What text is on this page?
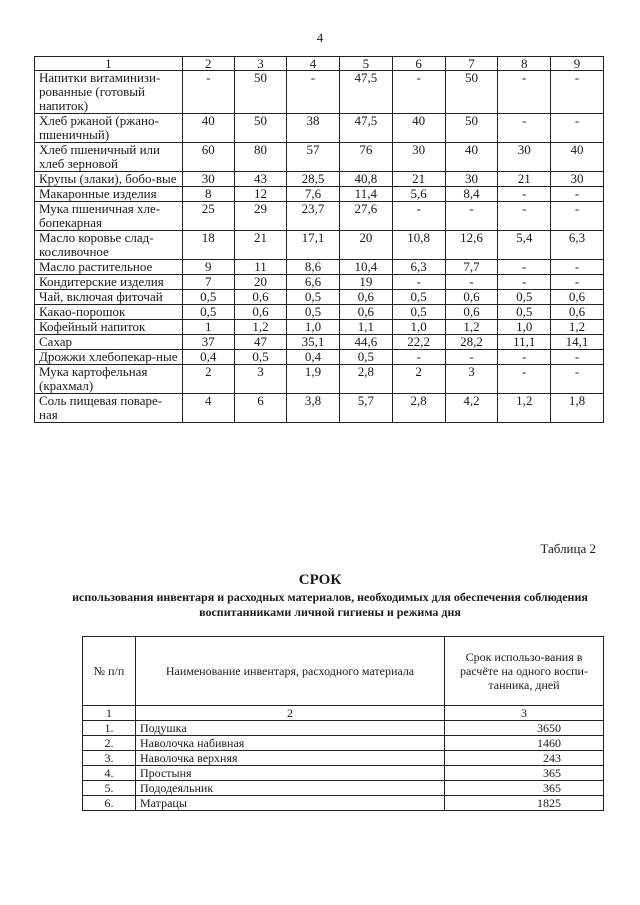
4
1	2	3	4	5	6	7	8	9
Напитки витаминизи-рованные (готовый напиток)	-	50	-	47,5	-	50	-	-
Хлеб ржаной (ржано-пшеничный)	40	50	38	47,5	40	50	-	-
Хлеб пшеничный или хлеб зерновой	60	80	57	76	30	40	30	40
Крупы (злаки), бобо-вые	30	43	28,5	40,8	21	30	21	30
Макаронные изделия	8	12	7,6	11,4	5,6	8,4	-	-
Мука пшеничная хле-бопекарная	25	29	23,7	27,6	-	-	-	-
Масло коровье слад-косливочное	18	21	17,1	20	10,8	12,6	5,4	6,3
Масло растительное	9	11	8,6	10,4	6,3	7,7	-	-
Кондитерские изделия	7	20	6,6	19	-	-	-	-
Чай, включая фиточай	0,5	0,6	0,5	0,6	0,5	0,6	0,5	0,6
Какао-порошок	0,5	0,6	0,5	0,6	0,5	0,6	0,5	0,6
Кофейный напиток	1	1,2	1,0	1,1	1,0	1,2	1,0	1,2
Сахар	37	47	35,1	44,6	22,2	28,2	11,1	14,1
Дрожжи хлебопекар-ные	0,4	0,5	0,4	0,5	-	-	-	-
Мука картофельная (крахмал)	2	3	1,9	2,8	2	3	-	-
Соль пищевая поваре-ная	4	6	3,8	5,7	2,8	4,2	1,2	1,8
Таблица 2
СРОК
использования инвентаря и расходных материалов, необходимых для обеспечения соблюдения воспитанниками личной гигиены и режима дня
№ п/п	Наименование инвентаря, расходного материала	Срок использо-вания в расчёте на одного воспи-танника, дней
1	2	3
1.	Подушка	3650
2.	Наволочка набивная	1460
3.	Наволочка верхняя	243
4.	Простыня	365
5.	Пододеяльник	365
6.	Матрацы	1825
